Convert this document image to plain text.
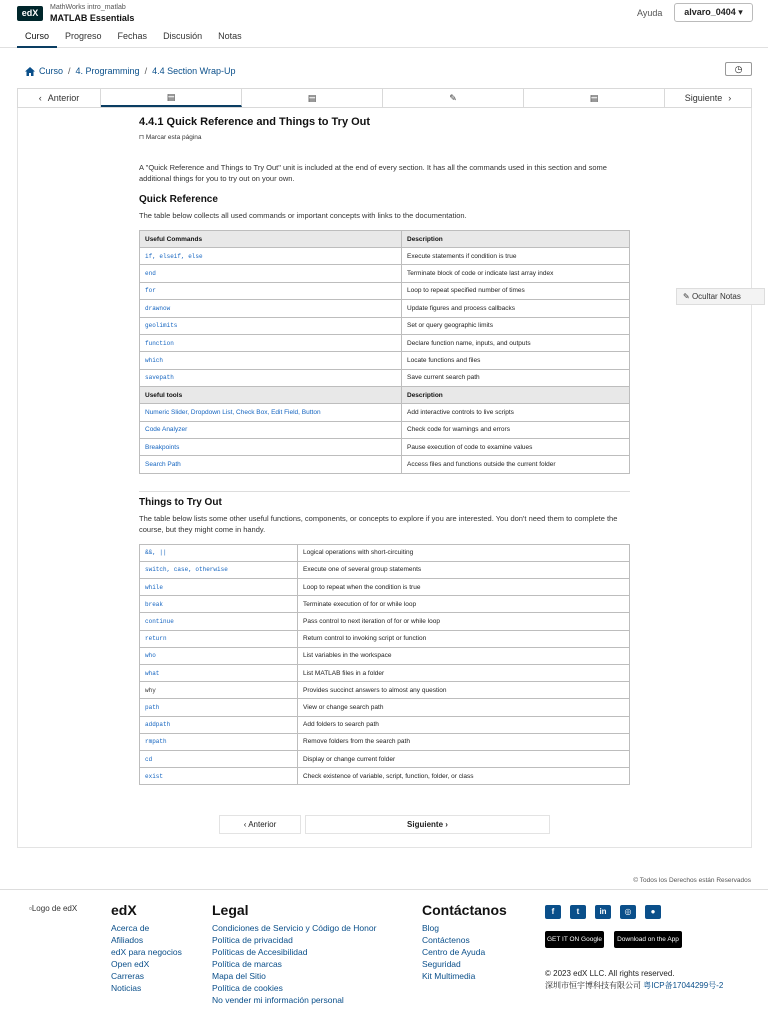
edX
MathWorks intro_matlab
MATLAB Essentials	Ayuda	alvaro_0404 ▾
Curso	Progreso	Fechas	Discusión	Notas
Curso / 4. Programming / 4.4 Section Wrap-Up	◷
‹ Anterior	▤	▤	✎	▤	Siguiente ›
4.4.1 Quick Reference and Things to Try Out
⊓ Marcar esta página

A "Quick Reference and Things to Try Out" unit is included at the end of every section. It has all the commands used in this section and some additional things for you to try out on your own.

Quick Reference

The table below collects all used commands or important concepts with links to the documentation.

Useful Commands	Description
if, elseif, else	Execute statements if condition is true
end	Terminate block of code or indicate last array index
for	Loop to repeat specified number of times
drawnow	Update figures and process callbacks
geolimits	Set or query geographic limits
function	Declare function name, inputs, and outputs
which	Locate functions and files
savepath	Save current search path
Useful tools	Description
Numeric Slider, Dropdown List, Check Box, Edit Field, Button	Add interactive controls to live scripts
Code Analyzer	Check code for warnings and errors
Breakpoints	Pause execution of code to examine values
Search Path	Access files and functions outside the current folder
Things to Try Out

The table below lists some other useful functions, components, or concepts to explore if you are interested. You don't need them to complete the course, but they might come in handy.

&&, ||	Logical operations with short-circuiting
switch, case, otherwise	Execute one of several group statements
while	Loop to repeat when the condition is true
break	Terminate execution of for or while loop
continue	Pass control to next iteration of for or while loop
return	Return control to invoking script or function
who	List variables in the workspace
what	List MATLAB files in a folder
why	Provides succinct answers to almost any question
path	View or change search path
addpath	Add folders to search path
rmpath	Remove folders from the search path
cd	Display or change current folder
exist	Check existence of variable, script, function, folder, or class
✎ Ocultar Notas
‹ Anterior	Siguiente ›
© Todos los Derechos están Reservados
▫Logo de edX edX
Acerca de
Afiliados
edX para negocios
Open edX
Carreras
Noticias
Legal
Condiciones de Servicio y Código de Honor
Política de privacidad
Políticas de Accesibilidad
Política de marcas
Mapa del Sitio
Política de cookies
No vender mi información personal
Contáctanos
Blog
Contáctenos
Centro de Ayuda
Seguridad
Kit Multimedia
f	t	in	◎	●
GET IT ON Google play
Download on the App Store
© 2023 edX LLC. All rights reserved.
深圳市恒宇博科技有限公司 粤ICP备17044299号-2
